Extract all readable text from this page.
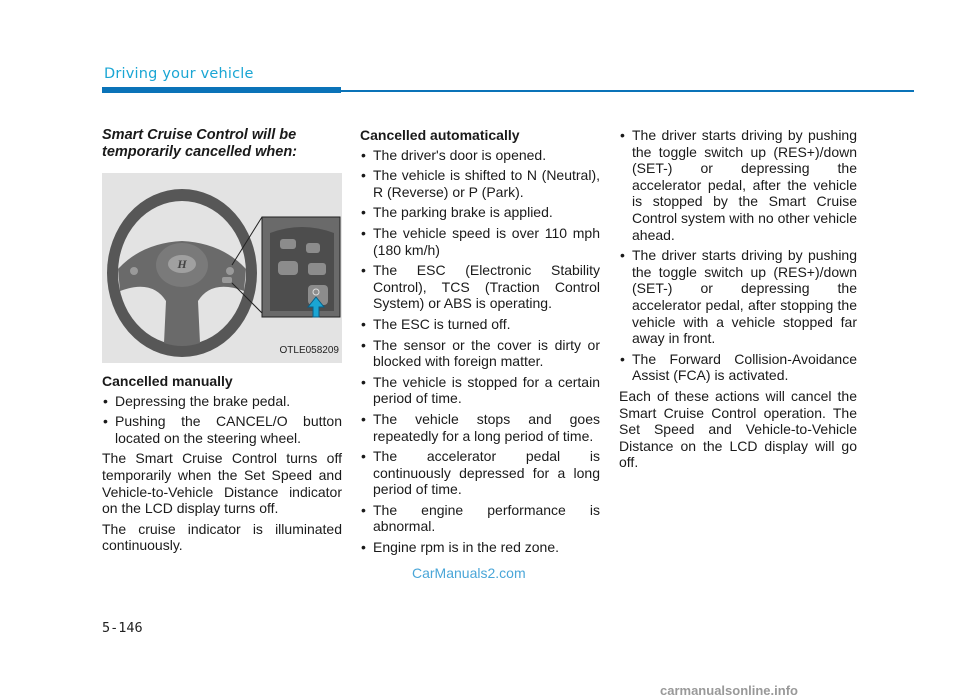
Driving your vehicle
Smart Cruise Control will be temporarily cancelled when:
H
OTLE058209
Cancelled manually
• Depressing the brake pedal.
• Pushing the CANCEL/O button located on the steering wheel.

The Smart Cruise Control turns off temporarily when the Set Speed and Vehicle-to-Vehicle Distance indicator on the LCD display turns off.

The cruise indicator is illuminated continuously.

Cancelled automatically
• The driver's door is opened.
• The vehicle is shifted to N (Neutral), R (Reverse) or P (Park).
• The parking brake is applied.
• The vehicle speed is over 110 mph (180 km/h)
• The ESC (Electronic Stability Control), TCS (Traction Control System) or ABS is operating.
• The ESC is turned off.
• The sensor or the cover is dirty or blocked with foreign matter.
• The vehicle is stopped for a certain period of time.
• The vehicle stops and goes repeatedly for a long period of time.
• The accelerator pedal is continuously depressed for a long period of time.
• The engine performance is abnormal.
• Engine rpm is in the red zone.
• The driver starts driving by pushing the toggle switch up (RES+)/down (SET-) or depressing the accelerator pedal, after the vehicle is stopped by the Smart Cruise Control system with no other vehicle ahead.
• The driver starts driving by pushing the toggle switch up (RES+)/down (SET-) or depressing the accelerator pedal, after stopping the vehicle with a vehicle stopped far away in front.
• The Forward Collision-Avoidance Assist (FCA) is activated.

Each of these actions will cancel the Smart Cruise Control operation. The Set Speed and Vehicle-to-Vehicle Distance on the LCD display will go off.

CarManuals2.com
5-146
carmanualsonline.info
